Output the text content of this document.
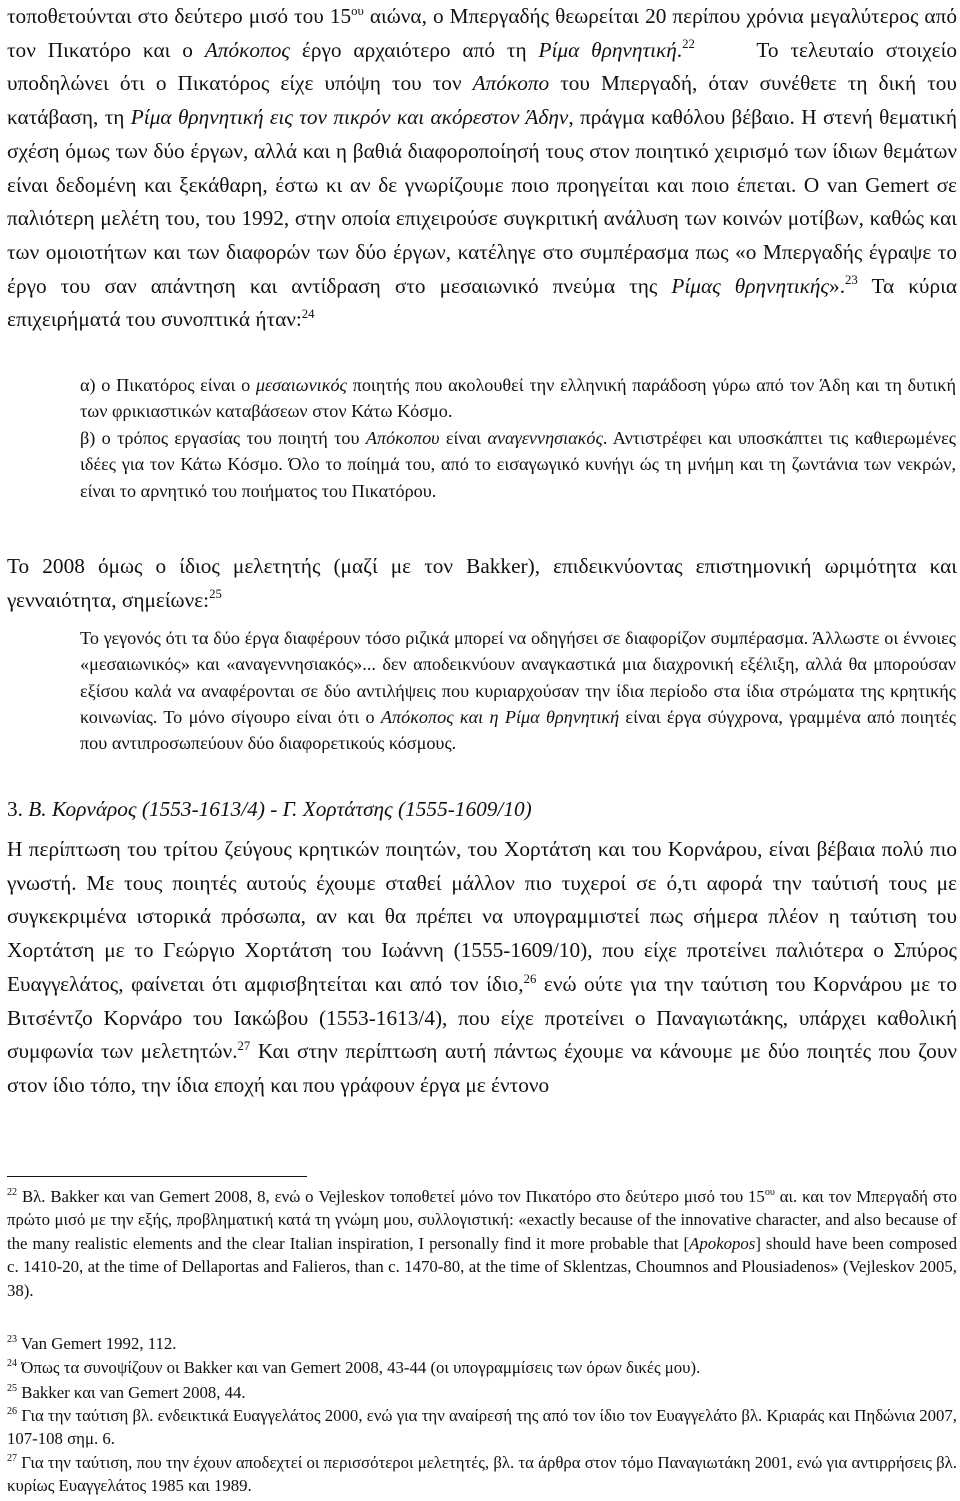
τοποθετούνται στο δεύτερο μισό του $15^{o\upsilon}$ αιώνα, ο Μπεργαδής θεωρείται 20 περίπου χρόνια μεγαλύτερος από τον Πικατόρο και ο Απόκοπος έργο αρχαιότερο από τη Ρίμα θρηνητική.$^{22}$ Το τελευταίο στοιχείο υποδηλώνει ότι ο Πικατόρος είχε υπόψη του τον Απόκοπο του Μπεργαδή, όταν συνέθετε τη δική του κατάβαση, τη Ρίμα θρηνητική εις τον πικρόν και ακόρεστον Άδην, πράγμα καθόλου βέβαιο. Η στενή θεματική σχέση όμως των δύο έργων, αλλά και η βαθιά διαφοροποίησή τους στον ποιητικό χειρισμό των ίδιων θεμάτων είναι δεδομένη και ξεκάθαρη, έστω κι αν δε γνωρίζουμε ποιο προηγείται και ποιο έπεται. Ο van Gemert σε παλιότερη μελέτη του, του 1992, στην οποία επιχειρούσε συγκριτική ανάλυση των κοινών μοτίβων, καθώς και των ομοιοτήτων και των διαφορών των δύο έργων, κατέληγε στο συμπέρασμα πως «ο Μπεργαδής έγραψε το έργο του σαν απάντηση και αντίδραση στο μεσαιωνικό πνεύμα της Ρίμας θρηνητικής».$^{23}$ Τα κύρια επιχειρήματά του συνοπτικά ήταν:$^{24}$

α) ο Πικατόρος είναι ο μεσαιωνικός ποιητής που ακολουθεί την ελληνική παράδοση γύρω από τον Άδη και τη δυτική των φρικιαστικών καταβάσεων στον Κάτω Κόσμο.

β) ο τρόπος εργασίας του ποιητή του Απόκοπου είναι αναγεννησιακός. Αντιστρέφει και υποσκάπτει τις καθιερωμένες ιδέες για τον Κάτω Κόσμο. Όλο το ποίημά του, από το εισαγωγικό κυνήγι ώς τη μνήμη και τη ζωντάνια των νεκρών, είναι το αρνητικό του ποιήματος του Πικατόρου.

Το 2008 όμως ο ίδιος μελετητής (μαζί με τον Bakker), επιδεικνύοντας επιστημονική ωριμότητα και γενναιότητα, σημείωνε:$^{25}$

Το γεγονός ότι τα δύο έργα διαφέρουν τόσο ριζικά μπορεί να οδηγήσει σε διαφορίζον συμπέρασμα. Άλλωστε οι έννοιες «μεσαιωνικός» και «αναγεννησιακός»... δεν αποδεικνύουν αναγκαστικά μια διαχρονική εξέλιξη, αλλά θα μπορούσαν εξίσου καλά να αναφέρονται σε δύο αντιλήψεις που κυριαρχούσαν την ίδια περίοδο στα ίδια στρώματα της κρητικής κοινωνίας. Το μόνο σίγουρο είναι ότι ο Απόκοπος και η Ρίμα θρηνητική είναι έργα σύγχρονα, γραμμένα από ποιητές που αντιπροσωπεύουν δύο διαφορετικούς κόσμους.

3. Β. Κορνάρος (1553-1613/4) - Γ. Χορτάτσης (1555-1609/10)

Η περίπτωση του τρίτου ζεύγους κρητικών ποιητών, του Χορτάτση και του Κορνάρου, είναι βέβαια πολύ πιο γνωστή. Με τους ποιητές αυτούς έχουμε σταθεί μάλλον πιο τυχεροί σε ό,τι αφορά την ταύτισή τους με συγκεκριμένα ιστορικά πρόσωπα, αν και θα πρέπει να υπογραμμιστεί πως σήμερα πλέον η ταύτιση του Χορτάτση με το Γεώργιο Χορτάτση του Ιωάννη (1555-1609/10), που είχε προτείνει παλιότερα ο Σπύρος Ευαγγελάτος, φαίνεται ότι αμφισβητείται και από τον ίδιο,$^{26}$ ενώ ούτε για την ταύτιση του Κορνάρου με το Βιτσέντζο Κορνάρο του Ιακώβου (1553-1613/4), που είχε προτείνει ο Παναγιωτάκης, υπάρχει καθολική συμφωνία των μελετητών.$^{27}$ Και στην περίπτωση αυτή πάντως έχουμε να κάνουμε με δύο ποιητές που ζουν στον ίδιο τόπο, την ίδια εποχή και που γράφουν έργα με έντονο

$^{22}$ Βλ. Bakker και van Gemert 2008, 8, ενώ ο Vejleskov τοποθετεί μόνο τον Πικατόρο στο δεύτερο μισό του $15^{o\upsilon}$ αι. και τον Μπεργαδή στο πρώτο μισό με την εξής, προβληματική κατά τη γνώμη μου, συλλογιστική: «exactly because of the innovative character, and also because of the many realistic elements and the clear Italian inspiration, I personally find it more probable that [Apokopos] should have been composed c. 1410-20, at the time of Dellaportas and Falieros, than c. 1470-80, at the time of Sklentzas, Choumnos and Plousiadenos» (Vejleskov 2005, 38).

$^{23}$ Van Gemert 1992, 112.

$^{24}$ Όπως τα συνοψίζουν οι Bakker και van Gemert 2008, 43-44 (οι υπογραμμίσεις των όρων δικές μου).

$^{25}$ Bakker και van Gemert 2008, 44.

$^{26}$ Για την ταύτιση βλ. ενδεικτικά Ευαγγελάτος 2000, ενώ για την αναίρεσή της από τον ίδιο τον Ευαγγελάτο βλ. Κριαράς και Πηδώνια 2007, 107-108 σημ. 6.

$^{27}$ Για την ταύτιση, που την έχουν αποδεχτεί οι περισσότεροι μελετητές, βλ. τα άρθρα στον τόμο Παναγιωτάκη 2001, ενώ για αντιρρήσεις βλ. κυρίως Ευαγγελάτος 1985 και 1989.
